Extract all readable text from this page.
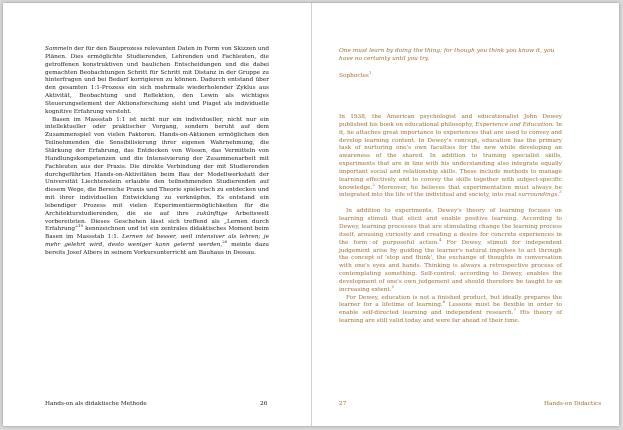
Sammeln der für den Bauprozess relevanten Daten in Form von Skizzen und Plänen. Dies ermöglichte Studierenden, Lehrenden und Fachleuten, die getroffenen konstruktiven und baulichen Entscheidungen und die dabei gemachten Beobachtungen Schritt für Schritt mit Distanz in der Gruppe zu hinterfragen und bei Bedarf korrigieren zu können. Dadurch entstand über den gesamten 1:1-Prozess ein sich mehrmals wiederholender Zyklus aus Aktivität, Beobachtung und Reflektion, den Lewin als wichtiges Steuerungselement der Aktionsforschung sieht und Piaget als individuelle kognitive Erfahrung versteht.

Basen im Massstab 1:1 ist nicht nur ein individueller, nicht nur ein intellektueller oder praktischer Vorgang, sondern beruht auf dem Zusammenspiel von vielen Faktoren. Hands-on-Aktionen ermöglichen den Teilnehmenden die Sensibilisierung ihrer eigenen Wahrnehmung, die Stärkung der Erfahrung, das Entdecken von Wissen, das Vermitteln von Handlungskompetenzen und die Intensivierung der Zusammenarbeit mit Fachleuten aus der Praxis. Die direkte Verbindung der mit Studierenden durchgeführten Hands-on-Aktivitäten beim Bau der Modellwerkstatt der Universität Liechtenstein erlaubte den teilnehmenden Studierenden auf diesem Wege, die Bereiche Praxis und Theorie spielerisch zu entdecken und mit ihrer individuellen Entwicklung zu verknüpfen. Es entstand ein lebendiger Prozess mit vielen Experimentiermöglichkeiten für die Architekturstudierenden, die sie auf ihre zukünftige Arbeitswelt vorbereiteten. Dieses Geschehen lässt sich treffend als „Lernen durch Erfahrung“$^{19}$ kennzeichnen und ist ein zentrales didaktisches Moment beim Basen im Massstab 1:1. Lernen ist besser, weil intensiver als lehren; je mehr gelehrt wird, desto weniger kann gelernt werden,$^{20}$ meinte dazu bereits Josef Albers in seinem Vorkursunterricht am Bauhaus in Dessau.

Hands-on als didaktische Methode	26
One must learn by doing the thing; for though you think you know it, you have no certainty until you try.
Sophocles$^1$

In 1938, the American psychologist and educationalist John Dewey published his book on educational philosophy, Experience and Education. In it, he attaches great importance to experiences that are used to convey and develop learning content. In Dewey's concept, education has the primary task of nurturing one's own faculties for the new while developing an awareness of the shared. In addition to training specialist skills, experiments that are in line with his understanding also integrate equally important social and relationship skills. These include methods to manage learning effectively and to convey the skills together with subject-specific knowledge.$^2$ Moreover, he believes that experimentation must always be integrated into the life of the individual and society, into real surroundings.$^3$

In addition to experiments, Dewey's theory of learning focuses on learning stimuli that elicit and enable positive learning. According to Dewey, learning processes that are stimulating change the learning process itself, arousing curiosity and creating a desire for concrete experiences in the form of purposeful action.$^4$ For Dewey, stimuli for independent judgement arise by guiding the learner's natural impulses to act through the concept of 'stop and think', the exchange of thoughts in conversation with one's eyes and hands. Thinking is always a retrospective process of contemplating something. Self-control, according to Dewey, enables the development of one's own judgement and should therefore be taught to an increasing extent.$^5$

For Dewey, education is not a finished product, but ideally prepares the learner for a lifetime of learning.$^6$ Lessons must be flexible in order to enable self-directed learning and independent research.$^7$ His theory of learning are still valid today and were far ahead of their time.

27	Hands-on Didactics
